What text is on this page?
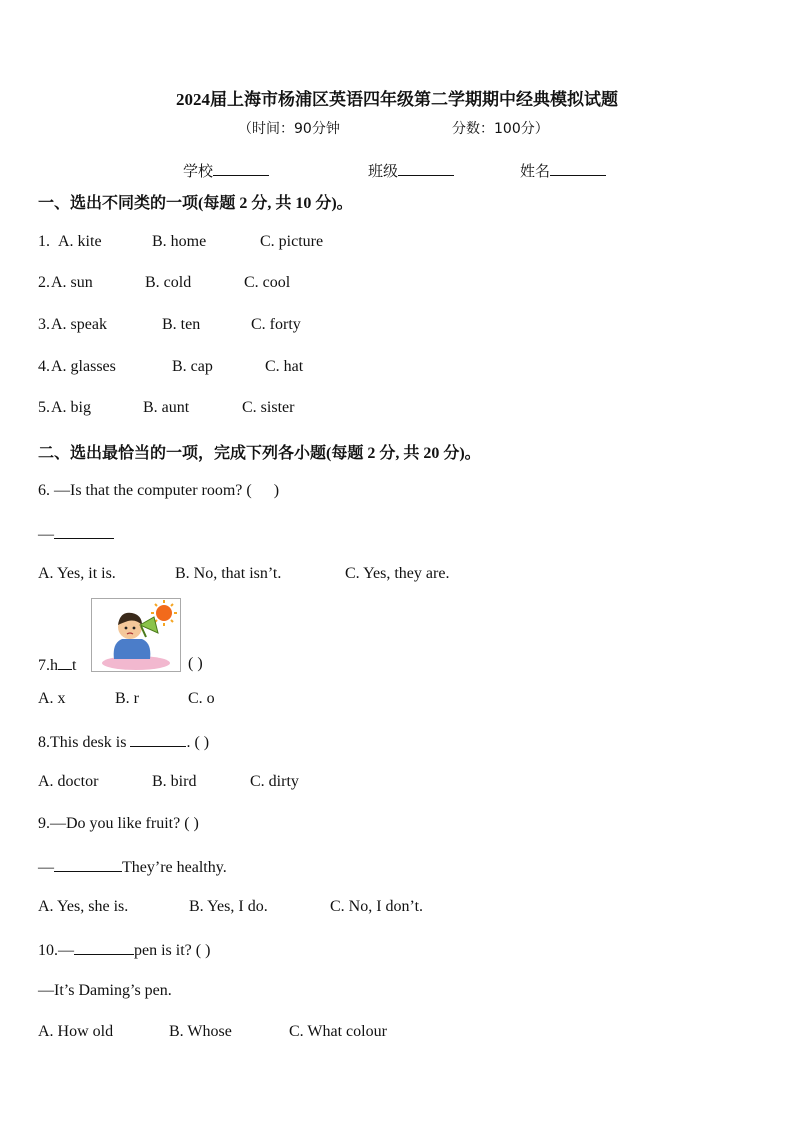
2024届上海市杨浦区英语四年级第二学期期中经典模拟试题
（时间：90分钟	分数：100分）
学校	班级	姓名
一、选出不同类的一项(每题 2 分, 共 10 分)。
1. A. kite	B. home	C. picture
2. A. sun	B. cold	C. cool
3. A. speak	B. ten	C. forty
4. A. glasses	B. cap	C. hat
5. A. big	B. aunt	C. sister
二、选出最恰当的一项，完成下列各小题(每题 2 分, 共 20 分)。
6. —Is that the computer room? ( )
—
A. Yes, it is.	B. No, that isn’t.	C. Yes, they are.
7.h t	( )
A. x	B. r	C. o
8.This desk is	. ( )
A. doctor	B. bird	C. dirty
9.—Do you like fruit? ( )
—	They’re healthy.
A. Yes, she is.	B. Yes, I do.	C. No, I don’t.
10.—	pen is it? ( )
—It’s Daming’s pen.
A. How old	B. Whose	C. What colour
